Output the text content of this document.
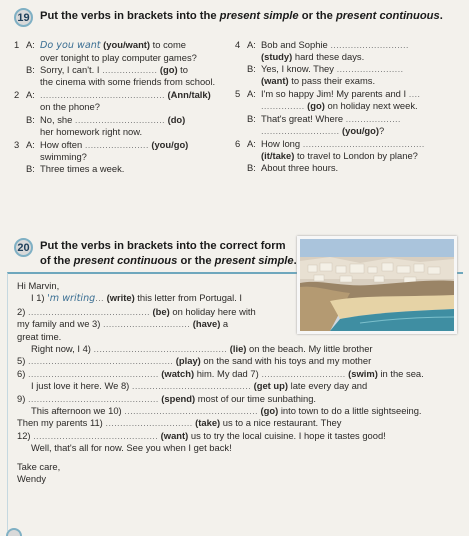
19 Put the verbs in brackets into the present simple or the present continuous.
1 A: Do you want (you/want) to come
over tonight to play computer games?
B: Sorry, I can't. I ................... (go) to
the cinema with some friends from school.
2 A: ........................................... (Ann/talk)
on the phone?
B: No, she ............................... (do)
her homework right now.
3 A: How often ...................... (you/go)
swimming?
B: Three times a week.
4 A: Bob and Sophie ...........................
(study) hard these days.
B: Yes, I know. They .......................
(want) to pass their exams.
5 A: I'm so happy Jim! My parents and I ....
............... (go) on holiday next week.
B: That's great! Where ...................
........................... (you/go)?
6 A: How long ..........................................
(it/take) to travel to London by plane?
B: About three hours.
20 Put the verbs in brackets into the correct form
of the present continuous or the present simple.
Hi Marvin,
I 1) 'm writing... (write) this letter from Portugal. I
2) .......................................... (be) on holiday here with
my family and we 3) .............................. (have) a
great time.
Right now, I 4) .............................................. (lie) on the beach. My little brother
5) .................................................. (play) on the sand with his toys and my mother
6) ............................................. (watch) him. My dad 7) ............................. (swim) in the sea.
I just love it here. We 8) ......................................... (get up) late every day and
9) ............................................. (spend) most of our time sunbathing.
This afternoon we 10) .............................................. (go) into town to do a little sightseeing.
Then my parents 11) .............................. (take) us to a nice restaurant. They
12) ........................................... (want) us to try the local cuisine. I hope it tastes good!
Well, that's all for now. See you when I get back!
Take care,
Wendy
